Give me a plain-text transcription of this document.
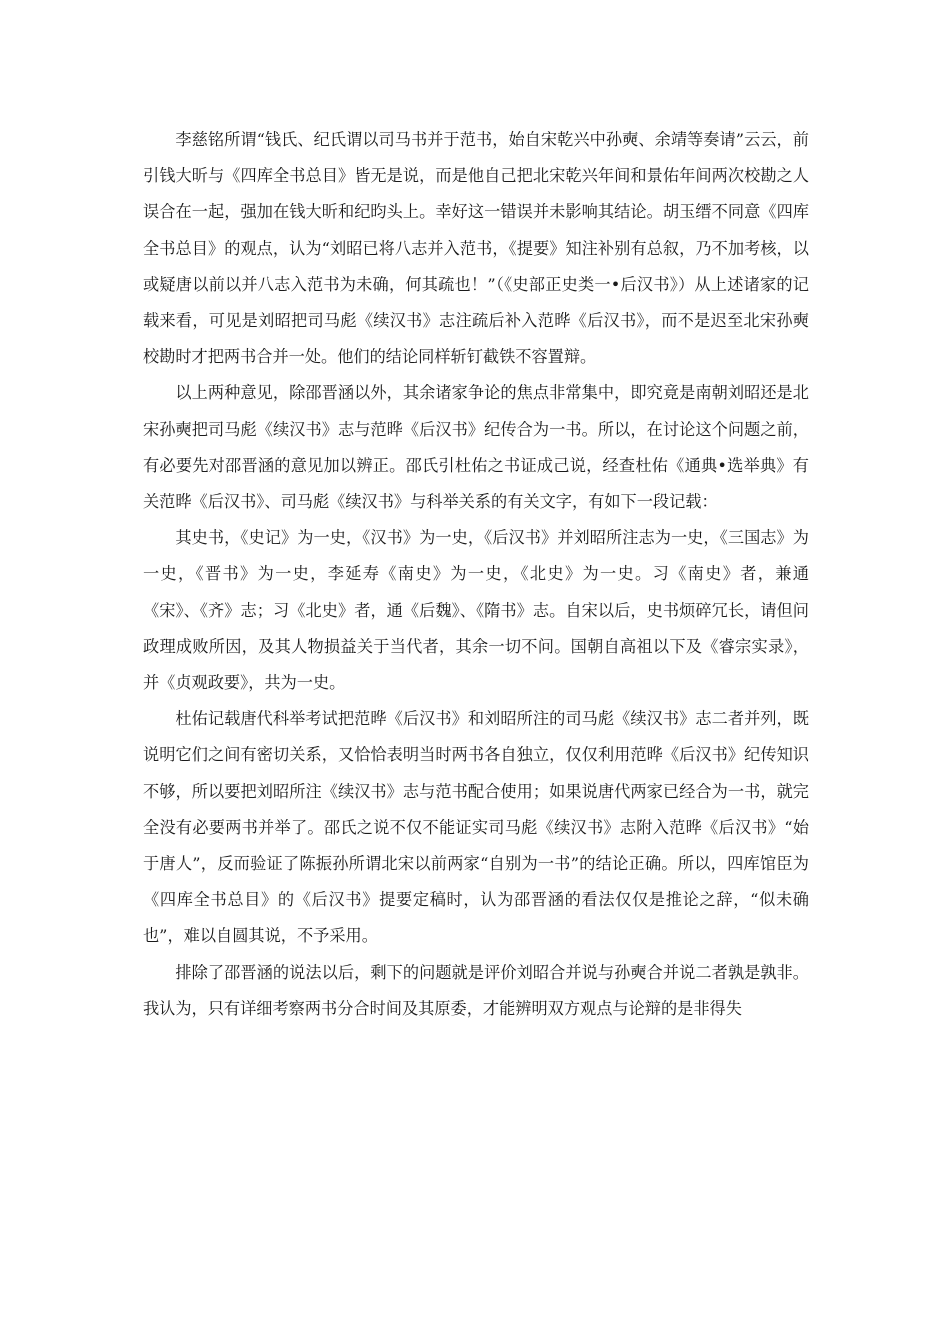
李慈铭所谓“钱氏、纪氏谓以司马书并于范书，始自宋乾兴中孙奭、余靖等奏请”云云，前引钱大昕与《四库全书总目》皆无是说，而是他自己把北宋乾兴年间和景佑年间两次校勘之人误合在一起，强加在钱大昕和纪昀头上。幸好这一错误并未影响其结论。胡玉缙不同意《四库全书总目》的观点，认为“刘昭已将八志并入范书，《提要》知注补别有总叙，乃不加考核，以或疑唐以前以并八志入范书为未确，何其疏也！”（《史部正史类一•后汉书》）从上述诸家的记载来看，可见是刘昭把司马彪《续汉书》志注疏后补入范晔《后汉书》，而不是迟至北宋孙奭校勘时才把两书合并一处。他们的结论同样斩钉截铁不容置辩。

以上两种意见，除邵晋涵以外，其余诸家争论的焦点非常集中，即究竟是南朝刘昭还是北宋孙奭把司马彪《续汉书》志与范晔《后汉书》纪传合为一书。所以，在讨论这个问题之前，有必要先对邵晋涵的意见加以辨正。邵氏引杜佑之书证成己说，经查杜佑《通典•选举典》有关范晔《后汉书》、司马彪《续汉书》与科举关系的有关文字，有如下一段记载：

其史书，《史记》为一史，《汉书》为一史，《后汉书》并刘昭所注志为一史，《三国志》为一史，《晋书》为一史，李延寿《南史》为一史，《北史》为一史。习《南史》者，兼通《宋》、《齐》志；习《北史》者，通《后魏》、《隋书》志。自宋以后，史书烦碎冗长，请但问政理成败所因，及其人物损益关于当代者，其余一切不问。国朝自高祖以下及《睿宗实录》，并《贞观政要》，共为一史。

杜佑记载唐代科举考试把范晔《后汉书》和刘昭所注的司马彪《续汉书》志二者并列，既说明它们之间有密切关系，又恰恰表明当时两书各自独立，仅仅利用范晔《后汉书》纪传知识不够，所以要把刘昭所注《续汉书》志与范书配合使用；如果说唐代两家已经合为一书，就完全没有必要两书并举了。邵氏之说不仅不能证实司马彪《续汉书》志附入范晔《后汉书》“始于唐人”，反而验证了陈振孙所谓北宋以前两家“自别为一书”的结论正确。所以，四库馆臣为《四库全书总目》的《后汉书》提要定稿时，认为邵晋涵的看法仅仅是推论之辞，“似未确也”，难以自圆其说，不予采用。

排除了邵晋涵的说法以后，剩下的问题就是评价刘昭合并说与孙奭合并说二者孰是孰非。我认为，只有详细考察两书分合时间及其原委，才能辨明双方观点与论辩的是非得失
